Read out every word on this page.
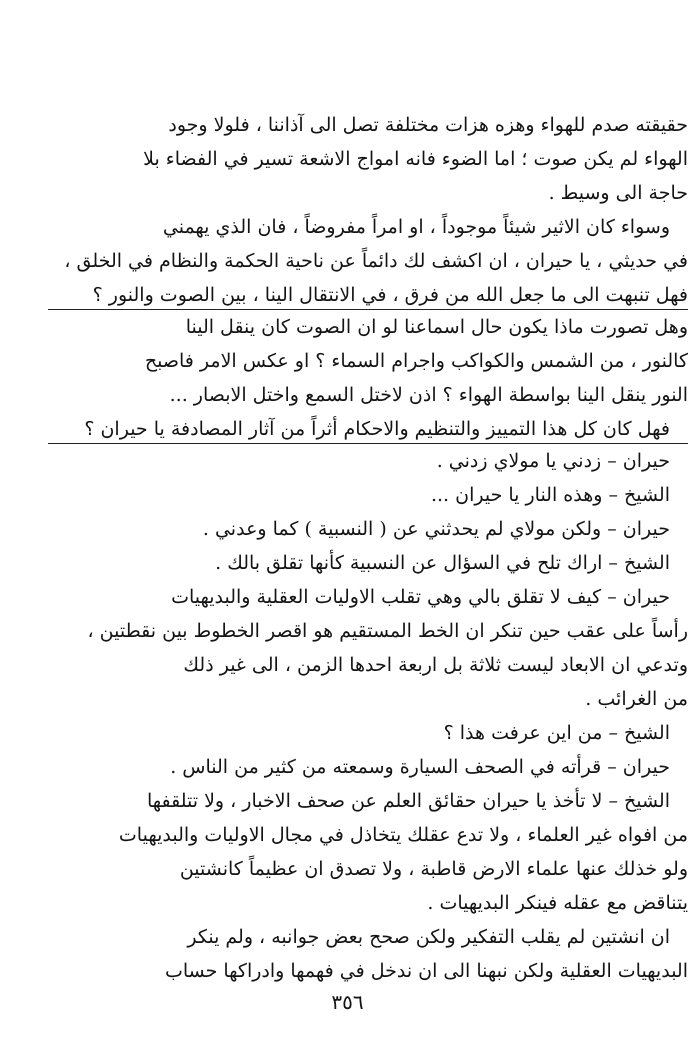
حقيقته صدم للهواء وهزه هزات مختلفة تصل الى آذاننا ، فلولا وجود
الهواء لم يكن صوت ؛ اما الضوء فانه امواج الاشعة تسير في الفضاء بلا
حاجة الى وسيط .
وسواء كان الاثير شيئاً موجوداً ، او امراً مفروضاً ، فان الذي يهمني
في حديثي ، يا حيران ، ان اكشف لك دائماً عن ناحية الحكمة والنظام في الخلق ،
فهل تنبهت الى ما جعل الله من فرق ، في الانتقال الينا ، بين الصوت والنور ؟
وهل تصورت ماذا يكون حال اسماعنا لو ان الصوت كان ينقل الينا
كالنور ، من الشمس والكواكب واجرام السماء ؟ او عكس الامر فاصبح
النور ينقل الينا بواسطة الهواء ؟ اذن لاختل السمع واختل الابصار ...
فهل كان كل هذا التمييز والتنظيم والاحكام أثراً من آثار المصادفة يا حيران ؟
حيران – زدني يا مولاي زدني .
الشيخ – وهذه النار يا حيران ...
حيران – ولكن مولاي لم يحدثني عن ( النسبية ) كما وعدني .
الشيخ – اراك تلح في السؤال عن النسبية كأنها تقلق بالك .
حيران – كيف لا تقلق بالي وهي تقلب الاوليات العقلية والبديهيات
رأساً على عقب حين تنكر ان الخط المستقيم هو اقصر الخطوط بين نقطتين ،
وتدعي ان الابعاد ليست ثلاثة بل اربعة احدها الزمن ، الى غير ذلك
من الغرائب .
الشيخ – من اين عرفت هذا ؟
حيران – قرأته في الصحف السيارة وسمعته من كثير من الناس .
الشيخ – لا تأخذ يا حيران حقائق العلم عن صحف الاخبار ، ولا تتلقفها
من افواه غير العلماء ، ولا تدع عقلك يتخاذل في مجال الاوليات والبديهيات
ولو خذلك عنها علماء الارض قاطبة ، ولا تصدق ان عظيماً كانشتين
يتناقض مع عقله فينكر البديهيات .
ان انشتين لم يقلب التفكير ولكن صحح بعض جوانبه ، ولم ينكر
البديهيات العقلية ولكن نبهنا الى ان ندخل في فهمها وادراكها حساب
٣٥٦
